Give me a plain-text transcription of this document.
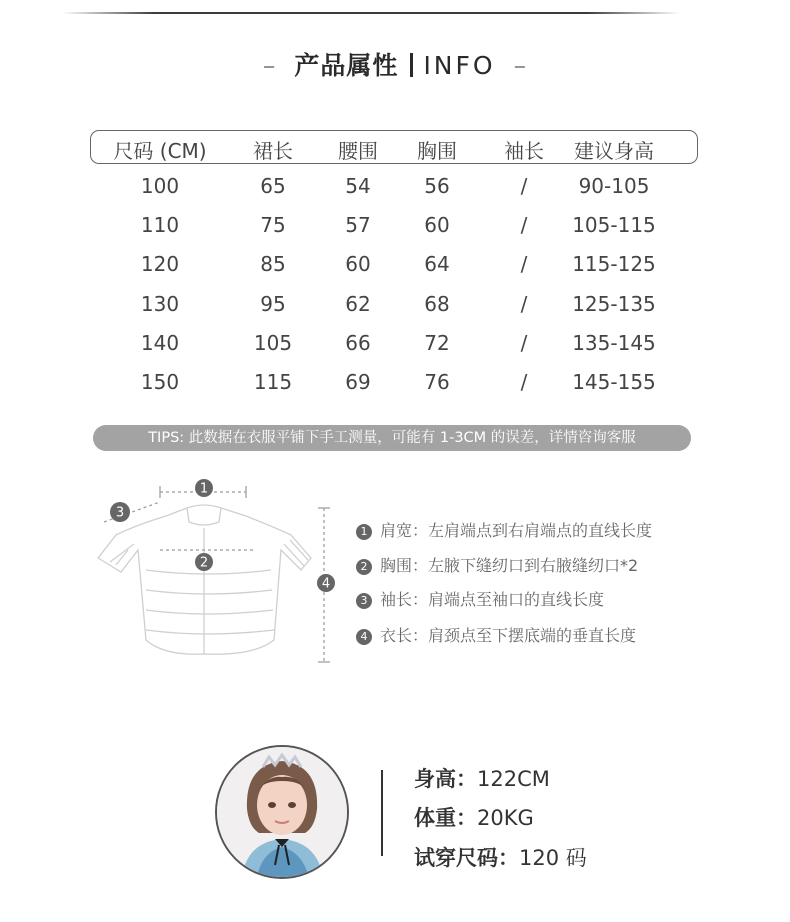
– 产品属性 INFO –
尺码 (CM)	裙长	腰围	胸围	袖长	建议身高
100	65	54	56	/	90-105
110	75	57	60	/	105-115
120	85	60	64	/	115-125
130	95	62	68	/	125-135
140	105	66	72	/	135-145
150	115	69	76	/	145-155
TIPS: 此数据在衣服平铺下手工测量，可能有 1-3CM 的误差，详情咨询客服
1
2
3
4
1 肩宽：左肩端点到右肩端点的直线长度
2 胸围：左腋下缝纫口到右腋缝纫口*2
3 袖长：肩端点至袖口的直线长度
4 衣长：肩颈点至下摆底端的垂直长度
身高：122CM
体重：20KG
试穿尺码：120 码
